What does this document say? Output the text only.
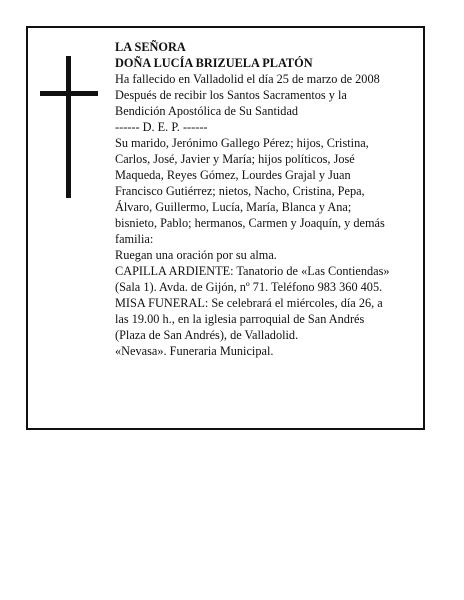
LA SEÑORA
DOÑA LUCÍA BRIZUELA PLATÓN
Ha fallecido en Valladolid el día 25 de marzo de 2008
Después de recibir los Santos Sacramentos y la
Bendición Apostólica de Su Santidad
------ D. E. P. ------
Su marido, Jerónimo Gallego Pérez; hijos, Cristina,
Carlos, José, Javier y María; hijos políticos, José
Maqueda, Reyes Gómez, Lourdes Grajal y Juan
Francisco Gutiérrez; nietos, Nacho, Cristina, Pepa,
Álvaro, Guillermo, Lucía, María, Blanca y Ana;
bisnieto, Pablo; hermanos, Carmen y Joaquín, y demás
familia:
Ruegan una oración por su alma.
CAPILLA ARDIENTE: Tanatorio de «Las Contiendas»
(Sala 1). Avda. de Gijón, nº 71. Teléfono 983 360 405.
MISA FUNERAL: Se celebrará el miércoles, día 26, a
las 19.00 h., en la iglesia parroquial de San Andrés
(Plaza de San Andrés), de Valladolid.
«Nevasa». Funeraria Municipal.
